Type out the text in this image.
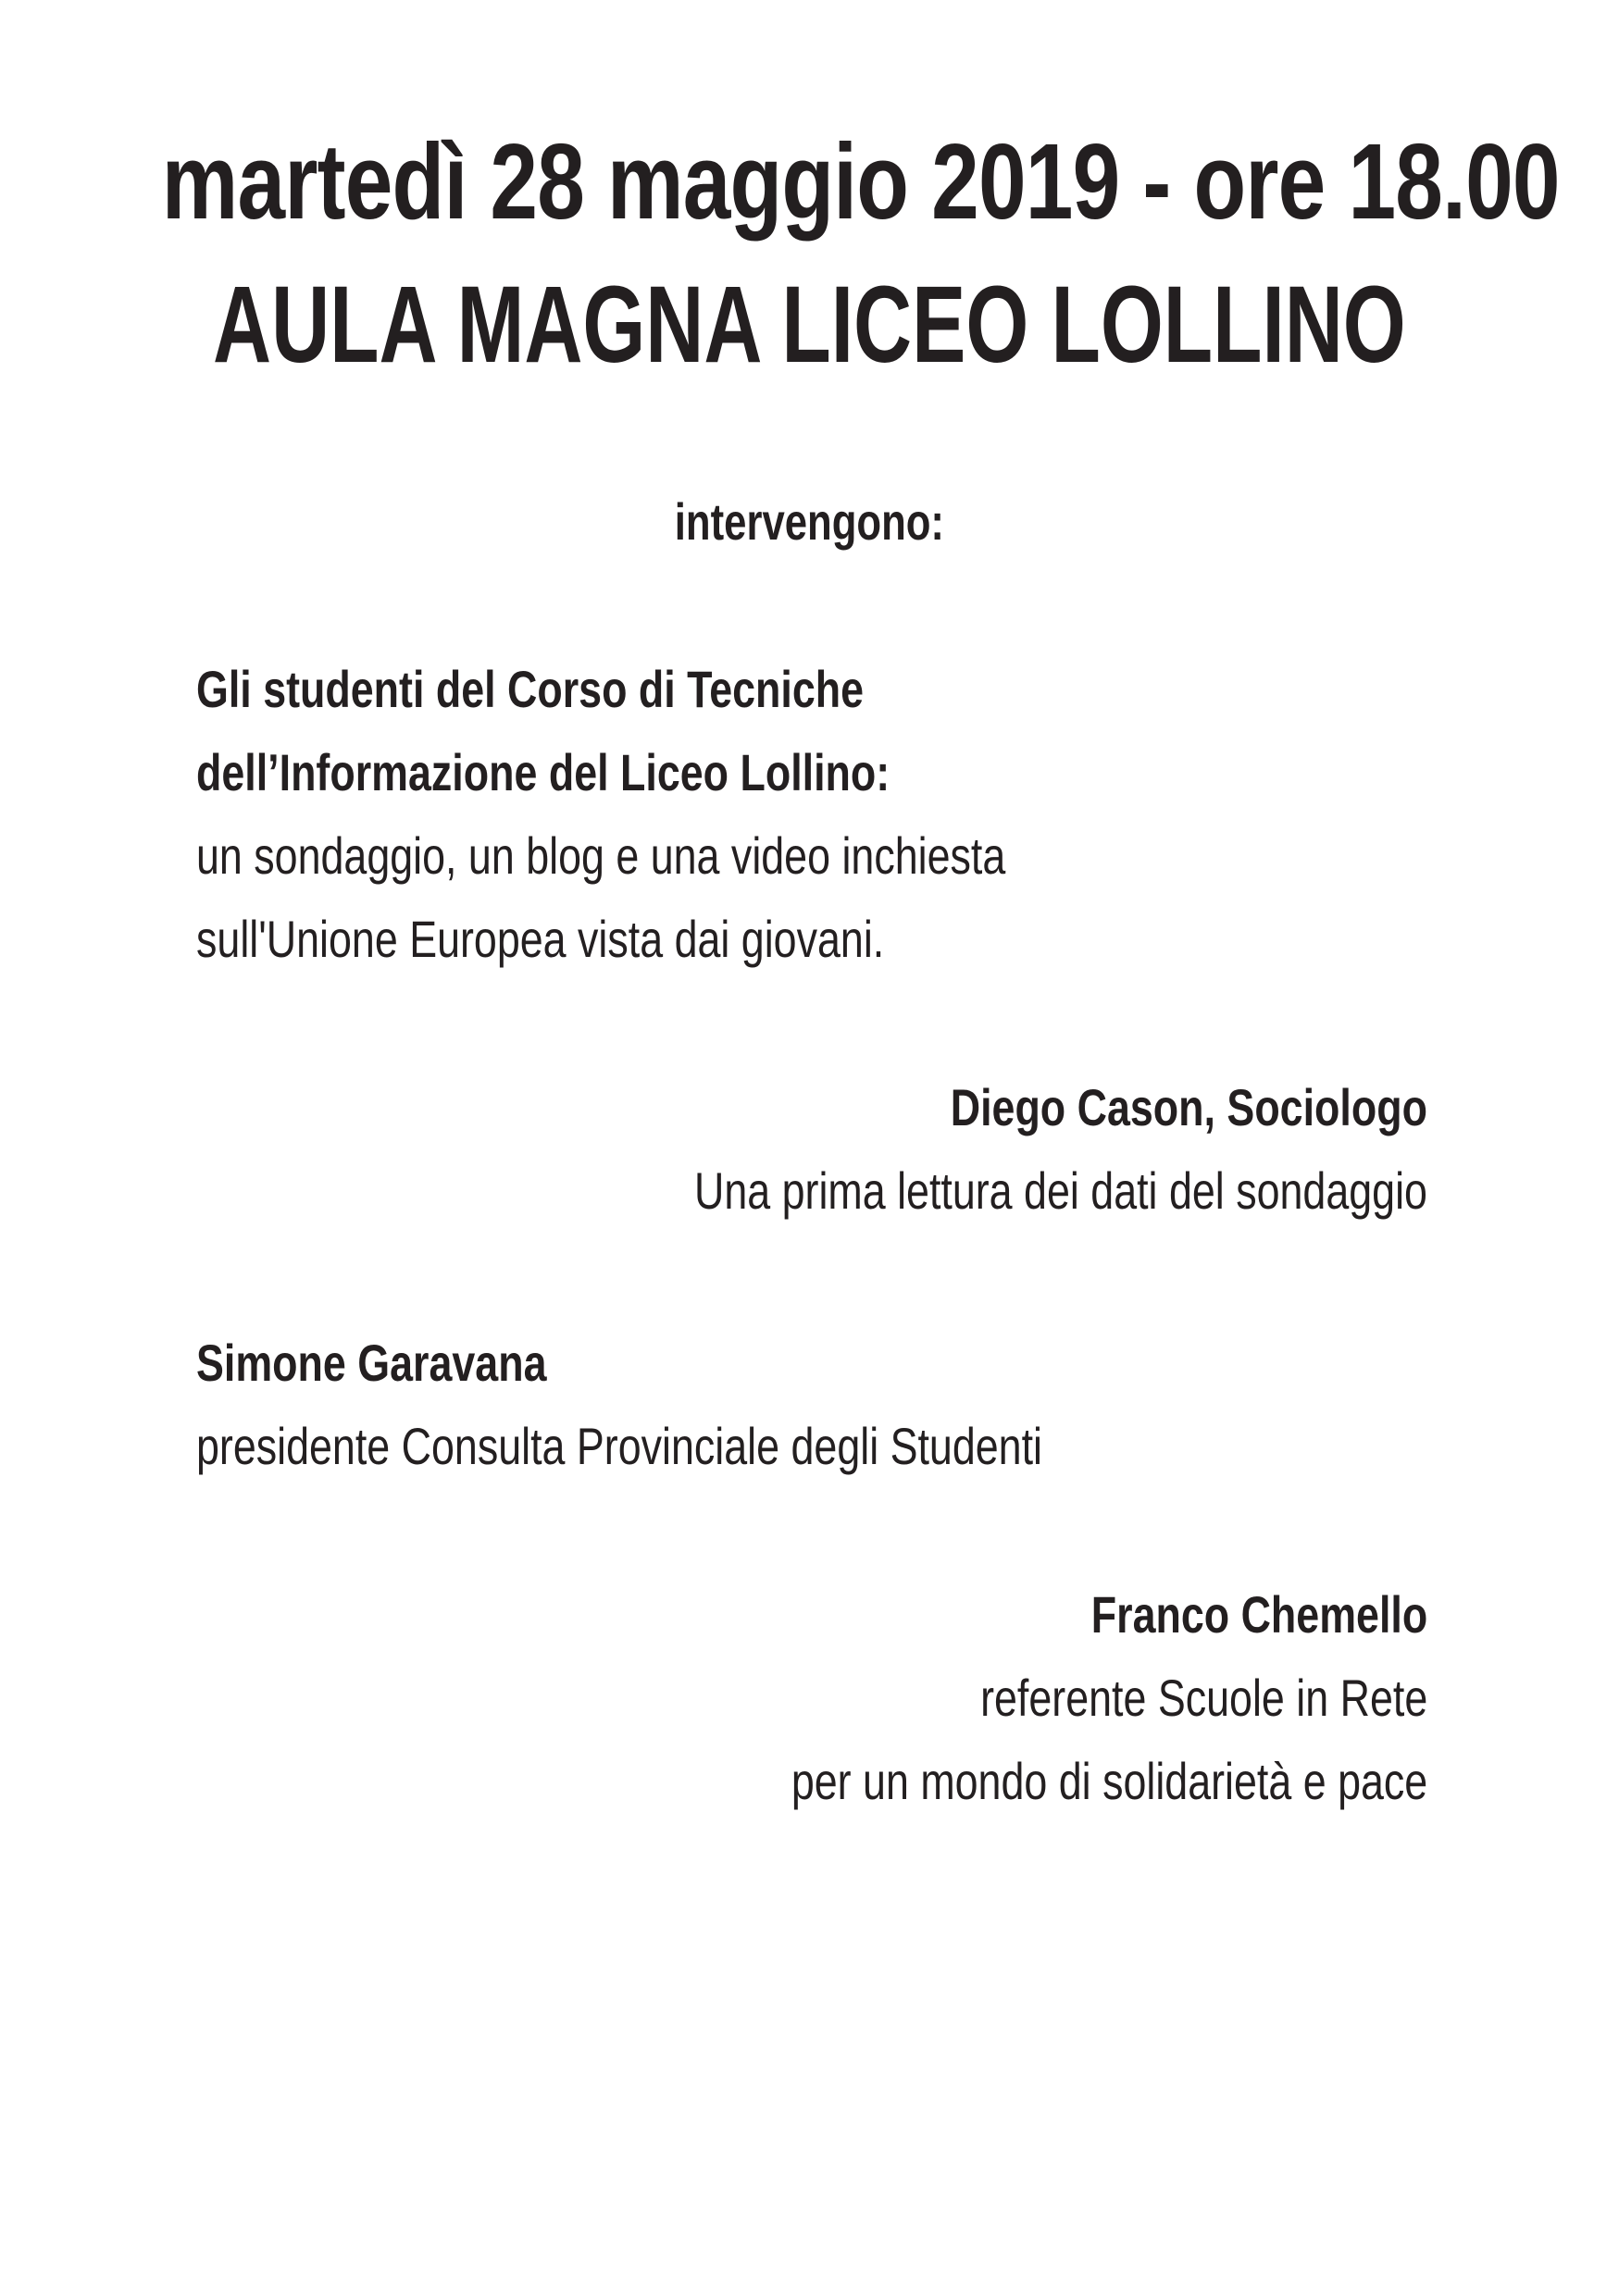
martedì 28 maggio 2019 - ore 18.00
AULA MAGNA LICEO LOLLINO
intervengono:
Gli studenti del Corso di Tecniche
dell’Informazione del Liceo Lollino:
un sondaggio, un blog e una video inchiesta
sull'Unione Europea vista dai giovani.
Diego Cason, Sociologo
Una prima lettura dei dati del sondaggio
Simone Garavana
presidente Consulta Provinciale degli Studenti
Franco Chemello
referente Scuole in Rete
per un mondo di solidarietà e pace
